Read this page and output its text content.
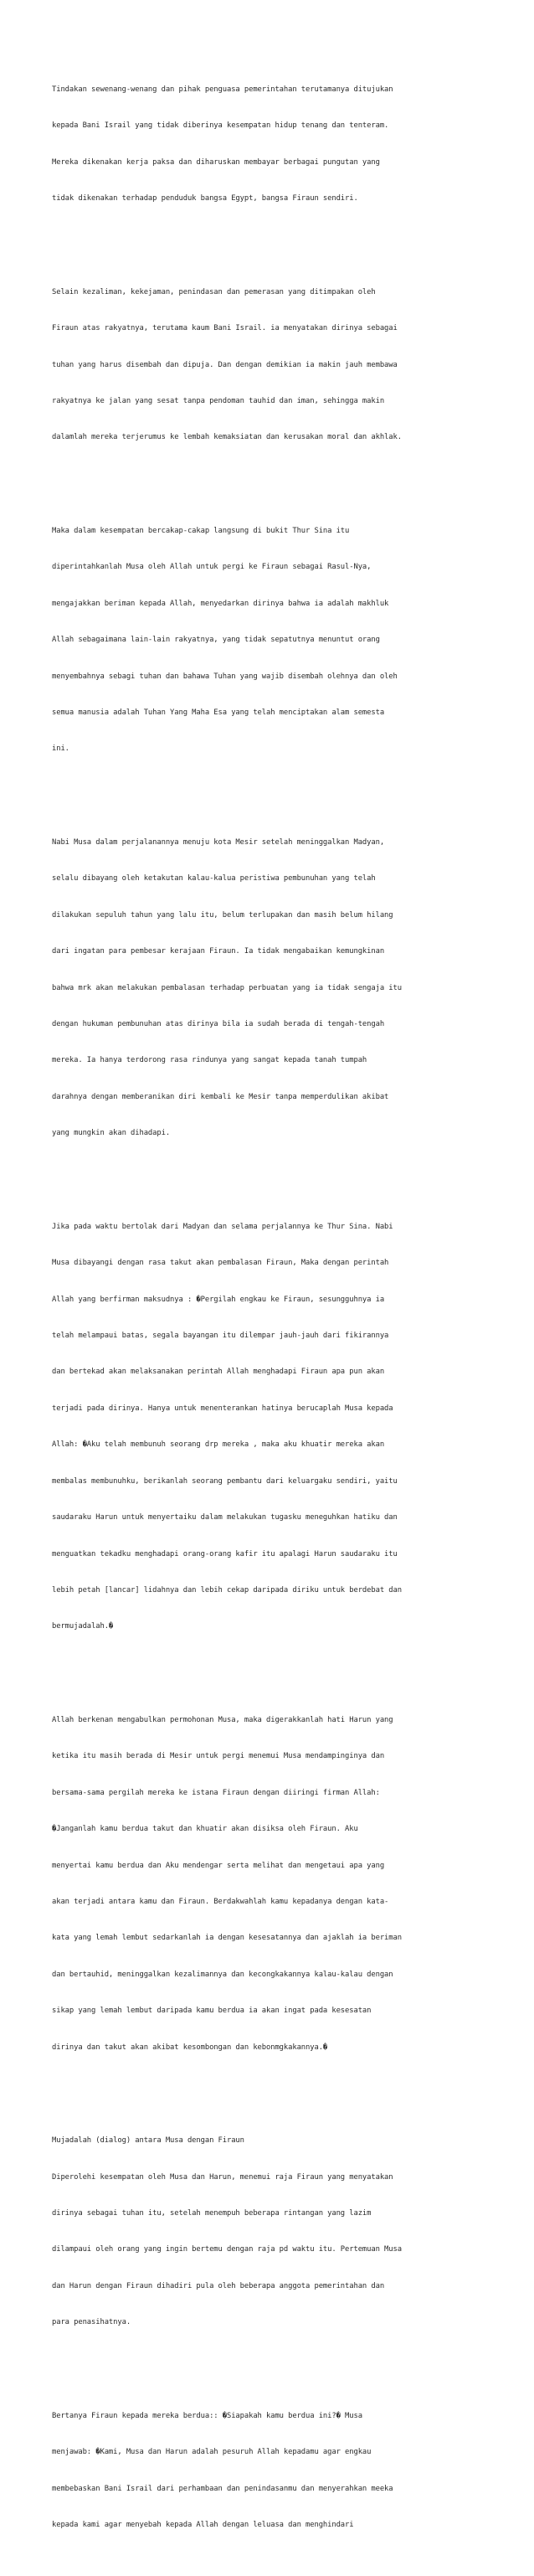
Tindakan sewenang-wenang dan pihak penguasa pemerintahan terutamanya ditujukan

kepada Bani Israil yang tidak diberinya kesempatan hidup tenang dan tenteram.

Mereka dikenakan kerja paksa dan diharuskan membayar berbagai pungutan yang

tidak dikenakan terhadap penduduk bangsa Egypt, bangsa Firaun sendiri.

Selain kezaliman, kekejaman, penindasan dan pemerasan yang ditimpakan oleh

Firaun atas rakyatnya, terutama kaum Bani Israil. ia menyatakan dirinya sebagai

tuhan yang harus disembah dan dipuja. Dan dengan demikian ia makin jauh membawa

rakyatnya ke jalan yang sesat tanpa pendoman tauhid dan iman, sehingga makin

dalamlah mereka terjerumus ke lembah kemaksiatan dan kerusakan moral dan akhlak.

Maka dalam kesempatan bercakap-cakap langsung di bukit Thur Sina itu

diperintahkanlah Musa oleh Allah untuk pergi ke Firaun sebagai Rasul-Nya,

mengajakkan beriman kepada Allah, menyedarkan dirinya bahwa ia adalah makhluk

Allah sebagaimana lain-lain rakyatnya, yang tidak sepatutnya menuntut orang

menyembahnya sebagi tuhan dan bahawa Tuhan yang wajib disembah olehnya dan oleh

semua manusia adalah Tuhan Yang Maha Esa yang telah menciptakan alam semesta

ini.

Nabi Musa dalam perjalanannya menuju kota Mesir setelah meninggalkan Madyan,

selalu dibayang oleh ketakutan kalau-kalua peristiwa pembunuhan yang telah

dilakukan sepuluh tahun yang lalu itu, belum terlupakan dan masih belum hilang

dari ingatan para pembesar kerajaan Firaun. Ia tidak mengabaikan kemungkinan

bahwa mrk akan melakukan pembalasan terhadap perbuatan yang ia tidak sengaja itu

dengan hukuman pembunuhan atas dirinya bila ia sudah berada di tengah-tengah

mereka. Ia hanya terdorong rasa rindunya yang sangat kepada tanah tumpah

darahnya dengan memberanikan diri kembali ke Mesir tanpa memperdulikan akibat

yang mungkin akan dihadapi.

Jika pada waktu bertolak dari Madyan dan selama perjalannya ke Thur Sina. Nabi

Musa dibayangi dengan rasa takut akan pembalasan Firaun, Maka dengan perintah

Allah yang berfirman maksudnya : �Pergilah engkau ke Firaun, sesungguhnya ia

telah melampaui batas, segala bayangan itu dilempar jauh-jauh dari fikirannya

dan bertekad akan melaksanakan perintah Allah menghadapi Firaun apa pun akan

terjadi pada dirinya. Hanya untuk menenterankan hatinya berucaplah Musa kepada

Allah: �Aku telah membunuh seorang drp mereka , maka aku khuatir mereka akan

membalas membunuhku, berikanlah seorang pembantu dari keluargaku sendiri, yaitu

saudaraku Harun untuk menyertaiku dalam melakukan tugasku meneguhkan hatiku dan

menguatkan tekadku menghadapi orang-orang kafir itu apalagi Harun saudaraku itu

lebih petah [lancar] lidahnya dan lebih cekap daripada diriku untuk berdebat dan

bermujadalah.�

Allah berkenan mengabulkan permohonan Musa, maka digerakkanlah hati Harun yang

ketika itu masih berada di Mesir untuk pergi menemui Musa mendampinginya dan

bersama-sama pergilah mereka ke istana Firaun dengan diiringi firman Allah:

�Janganlah kamu berdua takut dan khuatir akan disiksa oleh Firaun. Aku

menyertai kamu berdua dan Aku mendengar serta melihat dan mengetaui apa yang

akan terjadi antara kamu dan Firaun. Berdakwahlah kamu kepadanya dengan kata-

kata yang lemah lembut sedarkanlah ia dengan kesesatannya dan ajaklah ia beriman

dan bertauhid, meninggalkan kezalimannya dan kecongkakannya kalau-kalau dengan

sikap yang lemah lembut daripada kamu berdua ia akan ingat pada kesesatan

dirinya dan takut akan akibat kesombongan dan kebonmgkakannya.�

Mujadalah (dialog) antara Musa dengan Firaun

Diperolehi kesempatan oleh Musa dan Harun, menemui raja Firaun yang menyatakan

dirinya sebagai tuhan itu, setelah menempuh beberapa rintangan yang lazim

dilampaui oleh orang yang ingin bertemu dengan raja pd waktu itu. Pertemuan Musa

dan Harun dengan Firaun dihadiri pula oleh beberapa anggota pemerintahan dan

para penasihatnya.

Bertanya Firaun kepada mereka berdua:: �Siapakah kamu berdua ini?� Musa

menjawab: �Kami, Musa dan Harun adalah pesuruh Allah kepadamu agar engkau

membebaskan Bani Israil dari perhambaan dan penindasanmu dan menyerahkan meeka

kepada kami agar menyebah kepada Allah dengan leluasa dan menghindari
